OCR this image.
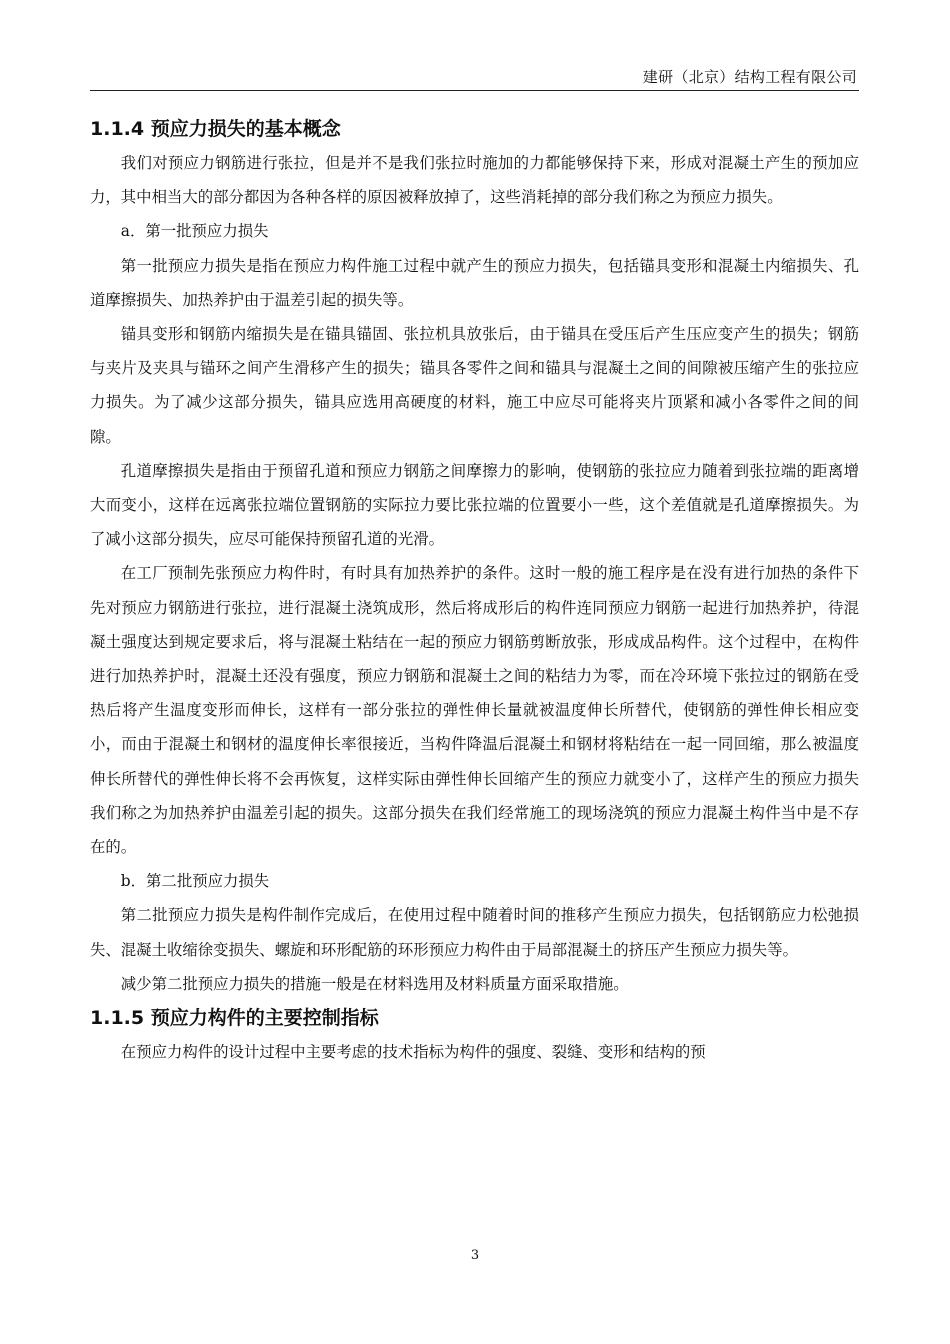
建研（北京）结构工程有限公司
1.1.4 预应力损失的基本概念

我们对预应力钢筋进行张拉，但是并不是我们张拉时施加的力都能够保持下来，形成对混凝土产生的预加应力，其中相当大的部分都因为各种各样的原因被释放掉了，这些消耗掉的部分我们称之为预应力损失。

a．第一批预应力损失

第一批预应力损失是指在预应力构件施工过程中就产生的预应力损失，包括锚具变形和混凝土内缩损失、孔道摩擦损失、加热养护由于温差引起的损失等。

锚具变形和钢筋内缩损失是在锚具锚固、张拉机具放张后，由于锚具在受压后产生压应变产生的损失；钢筋与夹片及夹具与锚环之间产生滑移产生的损失；锚具各零件之间和锚具与混凝土之间的间隙被压缩产生的张拉应力损失。为了减少这部分损失，锚具应选用高硬度的材料，施工中应尽可能将夹片顶紧和减小各零件之间的间隙。

孔道摩擦损失是指由于预留孔道和预应力钢筋之间摩擦力的影响，使钢筋的张拉应力随着到张拉端的距离增大而变小，这样在远离张拉端位置钢筋的实际拉力要比张拉端的位置要小一些，这个差值就是孔道摩擦损失。为了减小这部分损失，应尽可能保持预留孔道的光滑。

在工厂预制先张预应力构件时，有时具有加热养护的条件。这时一般的施工程序是在没有进行加热的条件下先对预应力钢筋进行张拉，进行混凝土浇筑成形，然后将成形后的构件连同预应力钢筋一起进行加热养护，待混凝土强度达到规定要求后，将与混凝土粘结在一起的预应力钢筋剪断放张，形成成品构件。这个过程中，在构件进行加热养护时，混凝土还没有强度，预应力钢筋和混凝土之间的粘结力为零，而在冷环境下张拉过的钢筋在受热后将产生温度变形而伸长，这样有一部分张拉的弹性伸长量就被温度伸长所替代，使钢筋的弹性伸长相应变小，而由于混凝土和钢材的温度伸长率很接近，当构件降温后混凝土和钢材将粘结在一起一同回缩，那么被温度伸长所替代的弹性伸长将不会再恢复，这样实际由弹性伸长回缩产生的预应力就变小了，这样产生的预应力损失我们称之为加热养护由温差引起的损失。这部分损失在我们经常施工的现场浇筑的预应力混凝土构件当中是不存在的。

b．第二批预应力损失

第二批预应力损失是构件制作完成后，在使用过程中随着时间的推移产生预应力损失，包括钢筋应力松弛损失、混凝土收缩徐变损失、螺旋和环形配筋的环形预应力构件由于局部混凝土的挤压产生预应力损失等。

减少第二批预应力损失的措施一般是在材料选用及材料质量方面采取措施。

1.1.5 预应力构件的主要控制指标

在预应力构件的设计过程中主要考虑的技术指标为构件的强度、裂缝、变形和结构的预

3
